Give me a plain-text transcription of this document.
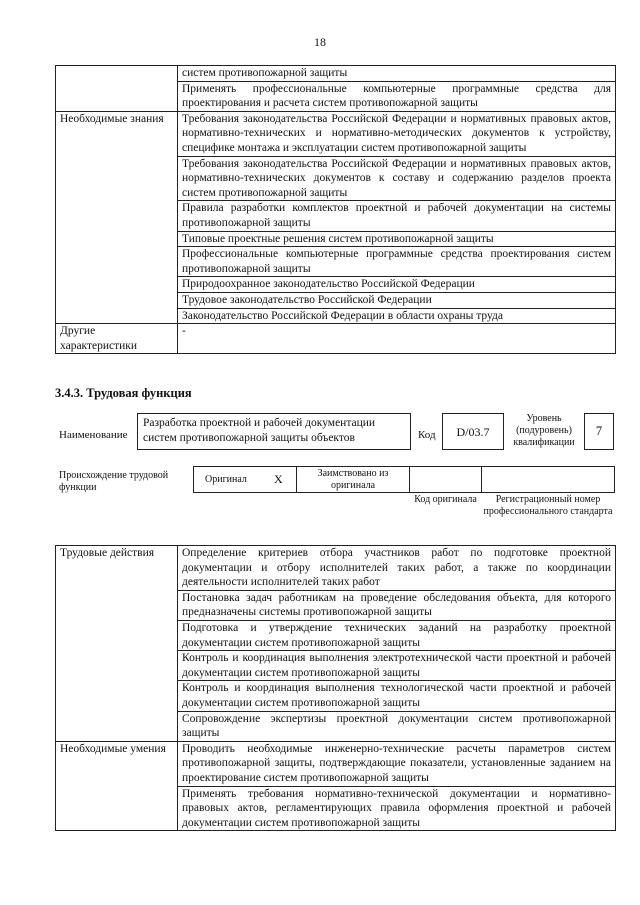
18
	систем противопожарной защиты
	Применять профессиональные компьютерные программные средства для проектирования и расчета систем противопожарной защиты
Необходимые знания	Требования законодательства Российской Федерации и нормативных правовых актов, нормативно-технических и нормативно-методических документов к устройству, специфике монтажа и эксплуатации систем противопожарной защиты
	Требования законодательства Российской Федерации и нормативных правовых актов, нормативно-технических документов к составу и содержанию разделов проекта систем противопожарной защиты
	Правила разработки комплектов проектной и рабочей документации на системы противопожарной защиты
	Типовые проектные решения систем противопожарной защиты
	Профессиональные компьютерные программные средства проектирования систем противопожарной защиты
	Природоохранное законодательство Российской Федерации
	Трудовое законодательство Российской Федерации
	Законодательство Российской Федерации в области охраны труда
Другие характеристики	-
3.4.3. Трудовая функция
Наименование
Разработка проектной и рабочей документации систем противопожарной защиты объектов	Код	D/03.7
Уровень (подуровень) квалификации
7
Происхождение трудовой функции
Оригинал X	Заимствовано из оригинала
Код оригинала	Регистрационный номер профессионального стандарта
Трудовые действия	Определение критериев отбора участников работ по подготовке проектной документации и отбору исполнителей таких работ, а также по координации деятельности исполнителей таких работ
	Постановка задач работникам на проведение обследования объекта, для которого предназначены системы противопожарной защиты
	Подготовка и утверждение технических заданий на разработку проектной документации систем противопожарной защиты
	Контроль и координация выполнения электротехнической части проектной и рабочей документации систем противопожарной защиты
	Контроль и координация выполнения технологической части проектной и рабочей документации систем противопожарной защиты
	Сопровождение экспертизы проектной документации систем противопожарной защиты
Необходимые умения	Проводить необходимые инженерно-технические расчеты параметров систем противопожарной защиты, подтверждающие показатели, установленные заданием на проектирование систем противопожарной защиты
	Применять требования нормативно-технической документации и нормативно-правовых актов, регламентирующих правила оформления проектной и рабочей документации систем противопожарной защиты
